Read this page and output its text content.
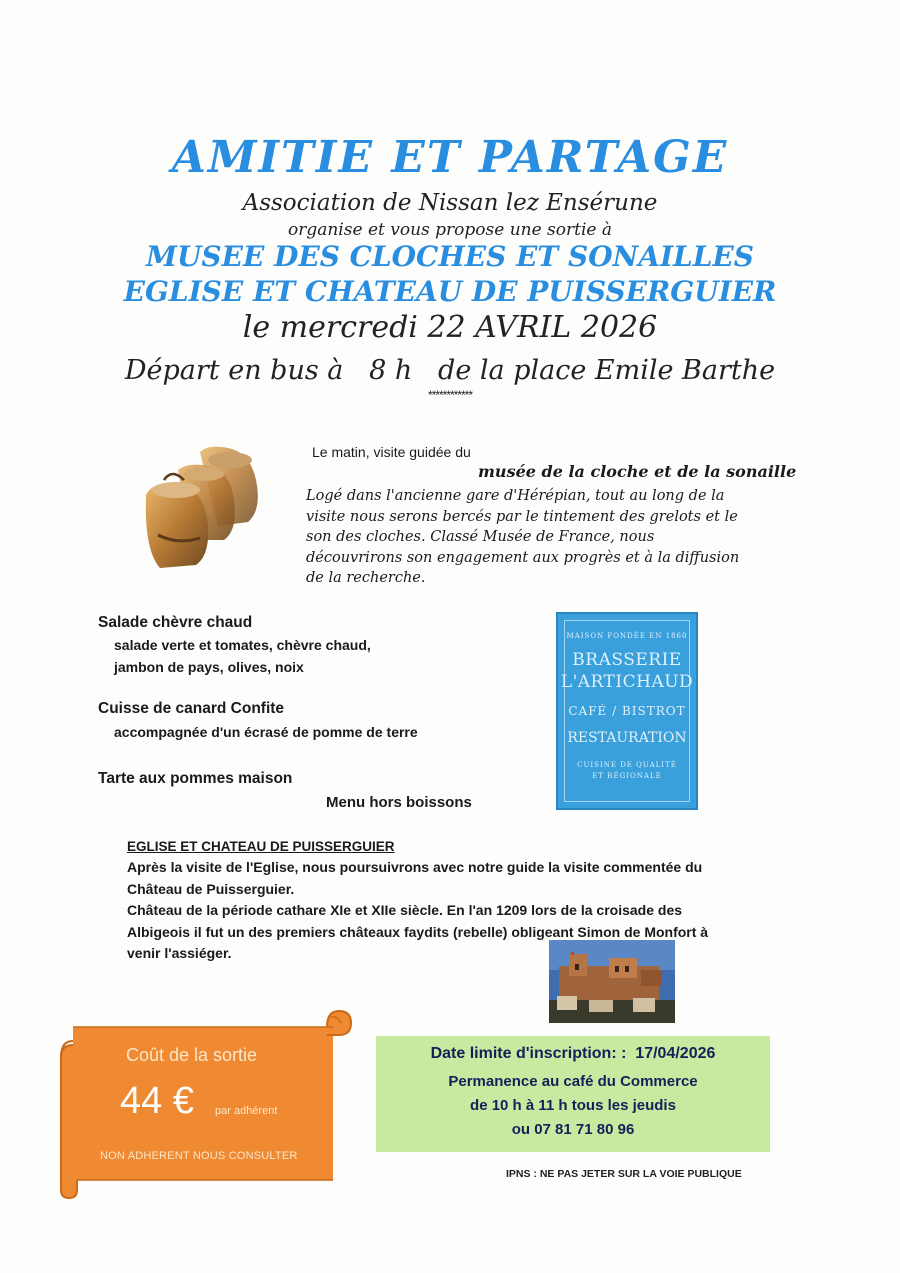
AMITIE ET PARTAGE
Association de Nissan lez Ensérune
organise et vous propose une sortie à
MUSEE DES CLOCHES ET SONAILLES
EGLISE ET CHATEAU DE PUISSERGUIER
le mercredi 22 AVRIL 2026
Départ en bus à   8 h   de la place Emile Barthe
************
Le matin, visite guidée du
musée de la cloche et de la sonaille
Logé dans l'ancienne gare d'Hérépian, tout au long de la visite nous serons bercés par le tintement des grelots et le son des cloches. Classé Musée de France, nous découvrirons son engagement aux progrès et à la diffusion de la recherche.
Salade chèvre chaud
salade verte et tomates, chèvre chaud,
jambon de pays, olives, noix
Cuisse de canard Confite
accompagnée d'un écrasé de pomme de terre
Tarte aux pommes maison
Menu hors boissons
MAISON FONDÉE EN 1860
BRASSERIE
L'ARTICHAUD
CAFÉ / BISTROT
RESTAURATION
CUISINE DE QUALITÉ
ET RÉGIONALE
EGLISE ET CHATEAU DE PUISSERGUIER
Après la visite de l'Eglise, nous poursuivrons avec notre guide la visite commentée du Château de Puisserguier.
Château de la période cathare XIe et XIIe siècle. En l'an 1209 lors de la croisade des Albigeois il fut un des premiers châteaux faydits (rebelle) obligeant Simon de Monfort à venir l'assiéger.
Coût de la sortie
44 € par adhérent
NON ADHERENT NOUS CONSULTER
Date limite d'inscription: :  17/04/2026
Permanence au café du Commerce
de 10 h à 11 h tous les jeudis
ou 07 81 71 80 96
IPNS : NE PAS JETER SUR LA VOIE PUBLIQUE
